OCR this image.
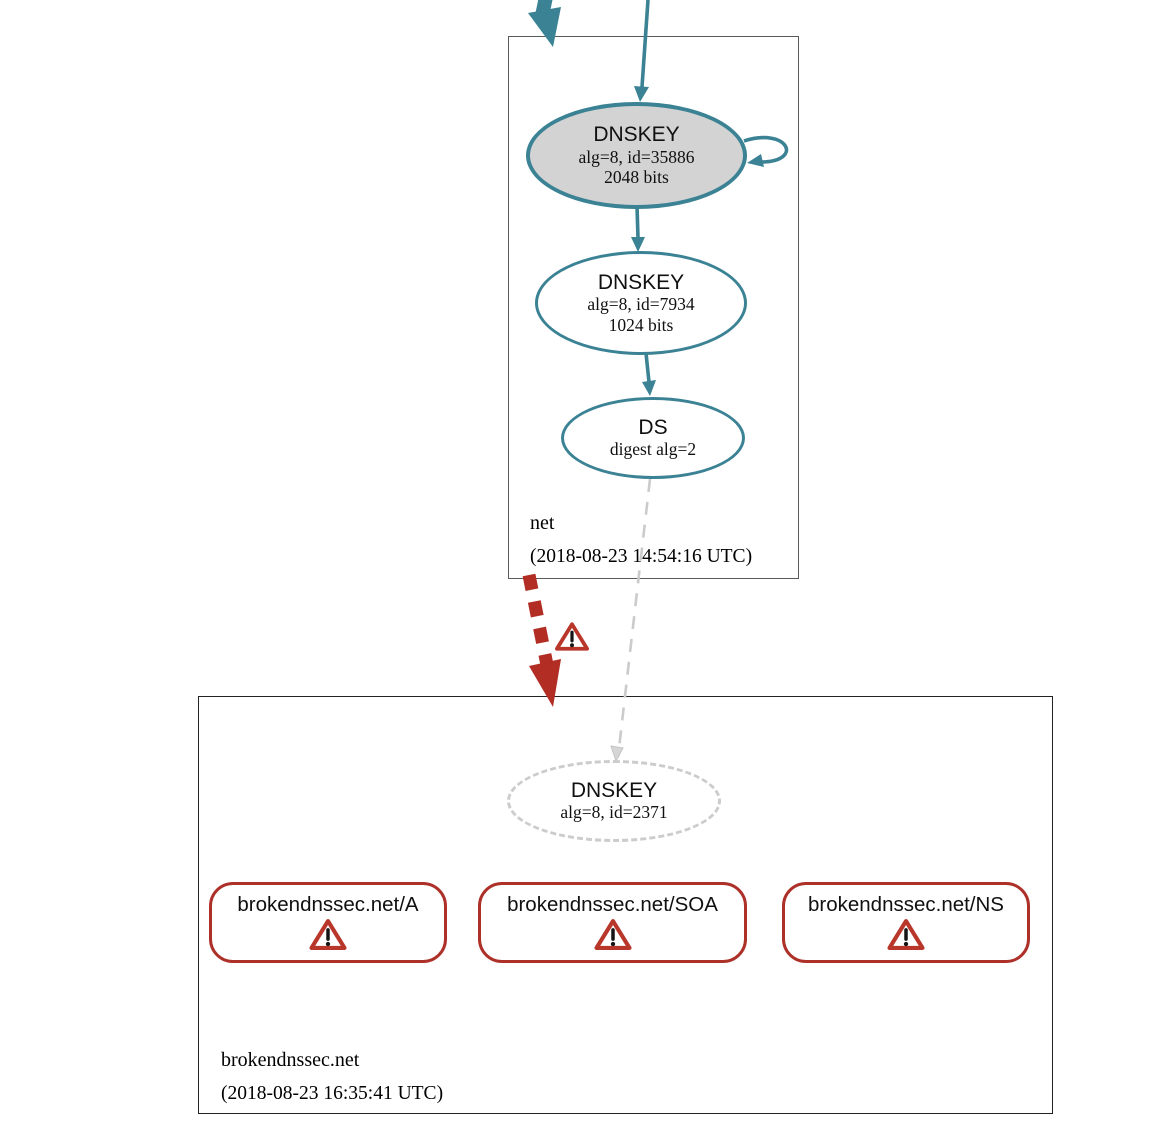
DNSKEY
alg=8, id=35886
2048 bits
DNSKEY
alg=8, id=7934
1024 bits
DS
digest alg=2
net
(2018-08-23 14:54:16 UTC)
DNSKEY
alg=8, id=2371
brokendnssec.net/A	brokendnssec.net/SOA	brokendnssec.net/NS
brokendnssec.net
(2018-08-23 16:35:41 UTC)
